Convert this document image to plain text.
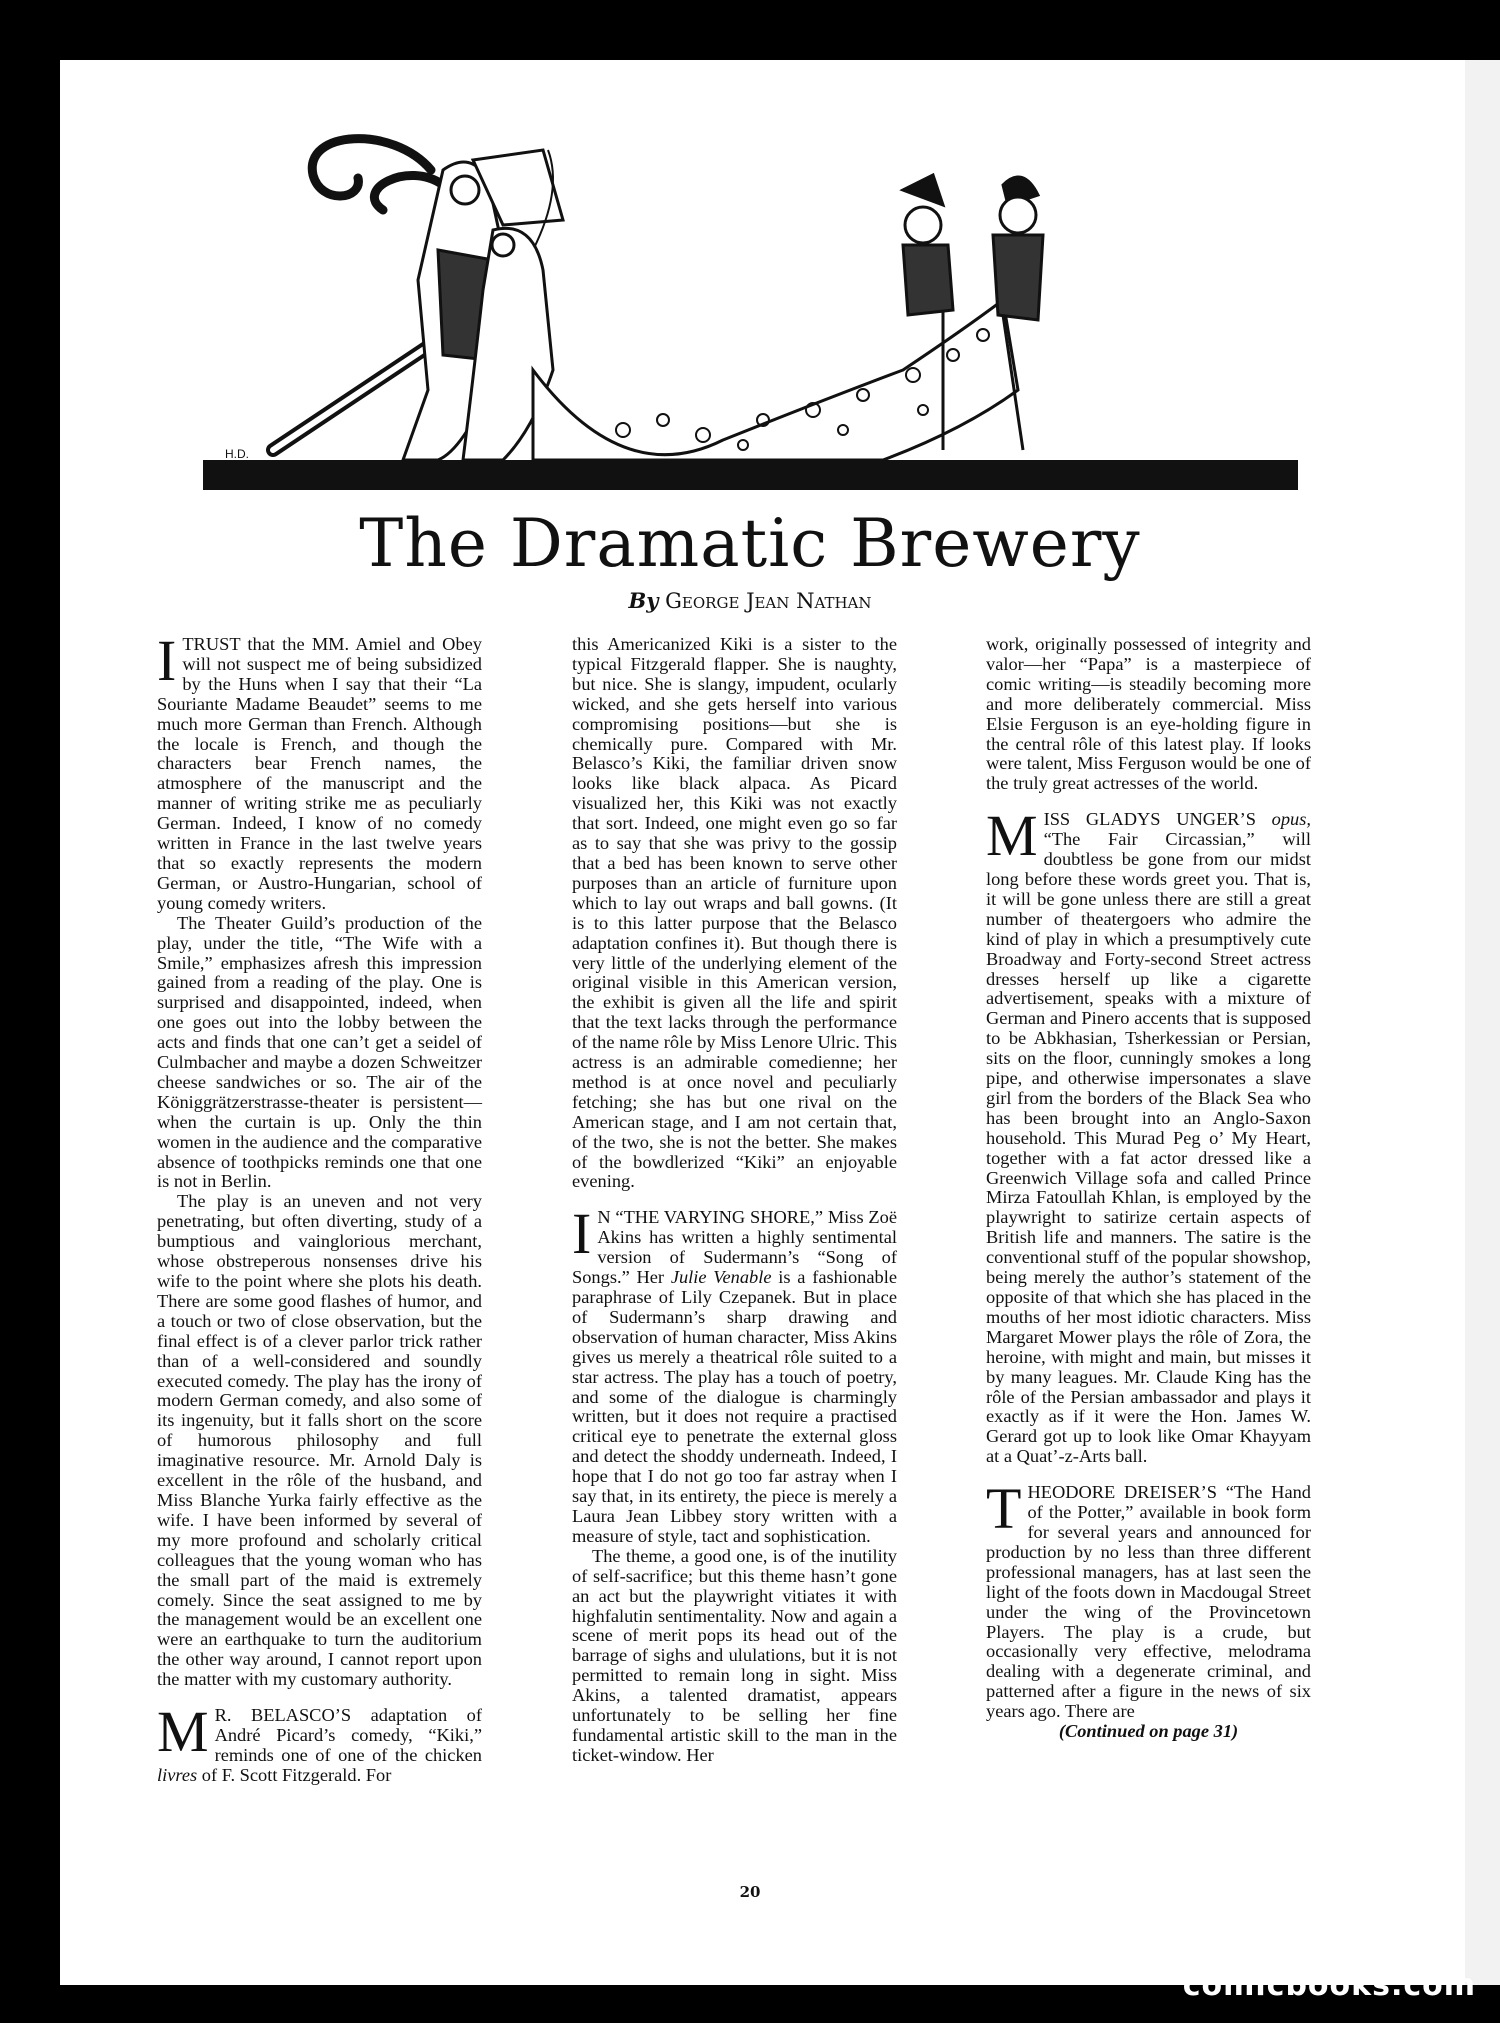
H.D.
The Dramatic Brewery
By George Jean Nathan

ITRUST that the MM. Amiel and Obey will not suspect me of being subsidized by the Huns when I say that their “La Souriante Madame Beaudet” seems to me much more German than French. Although the locale is French, and though the characters bear French names, the atmosphere of the manuscript and the manner of writing strike me as peculiarly German. Indeed, I know of no comedy written in France in the last twelve years that so exactly represents the modern German, or Austro-Hungarian, school of young comedy writers.

The Theater Guild’s production of the play, under the title, “The Wife with a Smile,” emphasizes afresh this impression gained from a reading of the play. One is surprised and disappointed, indeed, when one goes out into the lobby between the acts and finds that one can’t get a seidel of Culmbacher and maybe a dozen Schweitzer cheese sandwiches or so. The air of the Königgrätzerstrasse-theater is persistent—when the curtain is up. Only the thin women in the audience and the comparative absence of toothpicks reminds one that one is not in Berlin.

The play is an uneven and not very penetrating, but often diverting, study of a bumptious and vainglorious merchant, whose obstreperous nonsenses drive his wife to the point where she plots his death. There are some good flashes of humor, and a touch or two of close observation, but the final effect is of a clever parlor trick rather than of a well-considered and soundly executed comedy. The play has the irony of modern German comedy, and also some of its ingenuity, but it falls short on the score of humorous philosophy and full imaginative resource. Mr. Arnold Daly is excellent in the rôle of the husband, and Miss Blanche Yurka fairly effective as the wife. I have been informed by several of my more profound and scholarly critical colleagues that the young woman who has the small part of the maid is extremely comely. Since the seat assigned to me by the management would be an excellent one were an earthquake to turn the auditorium the other way around, I cannot report upon the matter with my customary authority.

M R. BELASCO’S adaptation of André Picard’s comedy, “Kiki,” reminds one of one of the chicken livres of F. Scott Fitzgerald. For

this Americanized Kiki is a sister to the typical Fitzgerald flapper. She is naughty, but nice. She is slangy, impudent, ocularly wicked, and she gets herself into various compromising positions—but she is chemically pure. Compared with Mr. Belasco’s Kiki, the familiar driven snow looks like black alpaca. As Picard visualized her, this Kiki was not exactly that sort. Indeed, one might even go so far as to say that she was privy to the gossip that a bed has been known to serve other purposes than an article of furniture upon which to lay out wraps and ball gowns. (It is to this latter purpose that the Belasco adaptation confines it). But though there is very little of the underlying element of the original visible in this American version, the exhibit is given all the life and spirit that the text lacks through the performance of the name rôle by Miss Lenore Ulric. This actress is an admirable comedienne; her method is at once novel and peculiarly fetching; she has but one rival on the American stage, and I am not certain that, of the two, she is not the better. She makes of the bowdlerized “Kiki” an enjoyable evening.

I N “THE VARYING SHORE,” Miss Zoë Akins has written a highly sentimental version of Sudermann’s “Song of Songs.” Her Julie Venable is a fashionable paraphrase of Lily Czepanek. But in place of Sudermann’s sharp drawing and observation of human character, Miss Akins gives us merely a theatrical rôle suited to a star actress. The play has a touch of poetry, and some of the dialogue is charmingly written, but it does not require a practised critical eye to penetrate the external gloss and detect the shoddy underneath. Indeed, I hope that I do not go too far astray when I say that, in its entirety, the piece is merely a Laura Jean Libbey story written with a measure of style, tact and sophistication.

The theme, a good one, is of the inutility of self-sacrifice; but this theme hasn’t gone an act but the playwright vitiates it with highfalutin sentimentality. Now and again a scene of merit pops its head out of the barrage of sighs and ululations, but it is not permitted to remain long in sight. Miss Akins, a talented dramatist, appears unfortunately to be selling her fine fundamental artistic skill to the man in the ticket-window. Her

work, originally possessed of integrity and valor—her “Papa” is a masterpiece of comic writing—is steadily becoming more and more deliberately commercial. Miss Elsie Ferguson is an eye-holding figure in the central rôle of this latest play. If looks were talent, Miss Ferguson would be one of the truly great actresses of the world.

MISS GLADYS UNGER’S opus, “The Fair Circassian,” will doubtless be gone from our midst long before these words greet you. That is, it will be gone unless there are still a great number of theatergoers who admire the kind of play in which a presumptively cute Broadway and Forty-second Street actress dresses herself up like a cigarette advertisement, speaks with a mixture of German and Pinero accents that is supposed to be Abkhasian, Tsherkessian or Persian, sits on the floor, cunningly smokes a long pipe, and otherwise impersonates a slave girl from the borders of the Black Sea who has been brought into an Anglo-Saxon household. This Murad Peg o’ My Heart, together with a fat actor dressed like a Greenwich Village sofa and called Prince Mirza Fatoullah Khlan, is employed by the playwright to satirize certain aspects of British life and manners. The satire is the conventional stuff of the popular showshop, being merely the author’s statement of the opposite of that which she has placed in the mouths of her most idiotic characters. Miss Margaret Mower plays the rôle of Zora, the heroine, with might and main, but misses it by many leagues. Mr. Claude King has the rôle of the Persian ambassador and plays it exactly as if it were the Hon. James W. Gerard got up to look like Omar Khayyam at a Quat’-z-Arts ball.

THEODORE DREISER’S “The Hand of the Potter,” available in book form for several years and announced for production by no less than three different professional managers, has at last seen the light of the foots down in Macdougal Street under the wing of the Provincetown Players. The play is a crude, but occasionally very effective, melodrama dealing with a degenerate criminal, and patterned after a figure in the news of six years ago. There are

(Continued on page 31)

20
comicbooks.com
